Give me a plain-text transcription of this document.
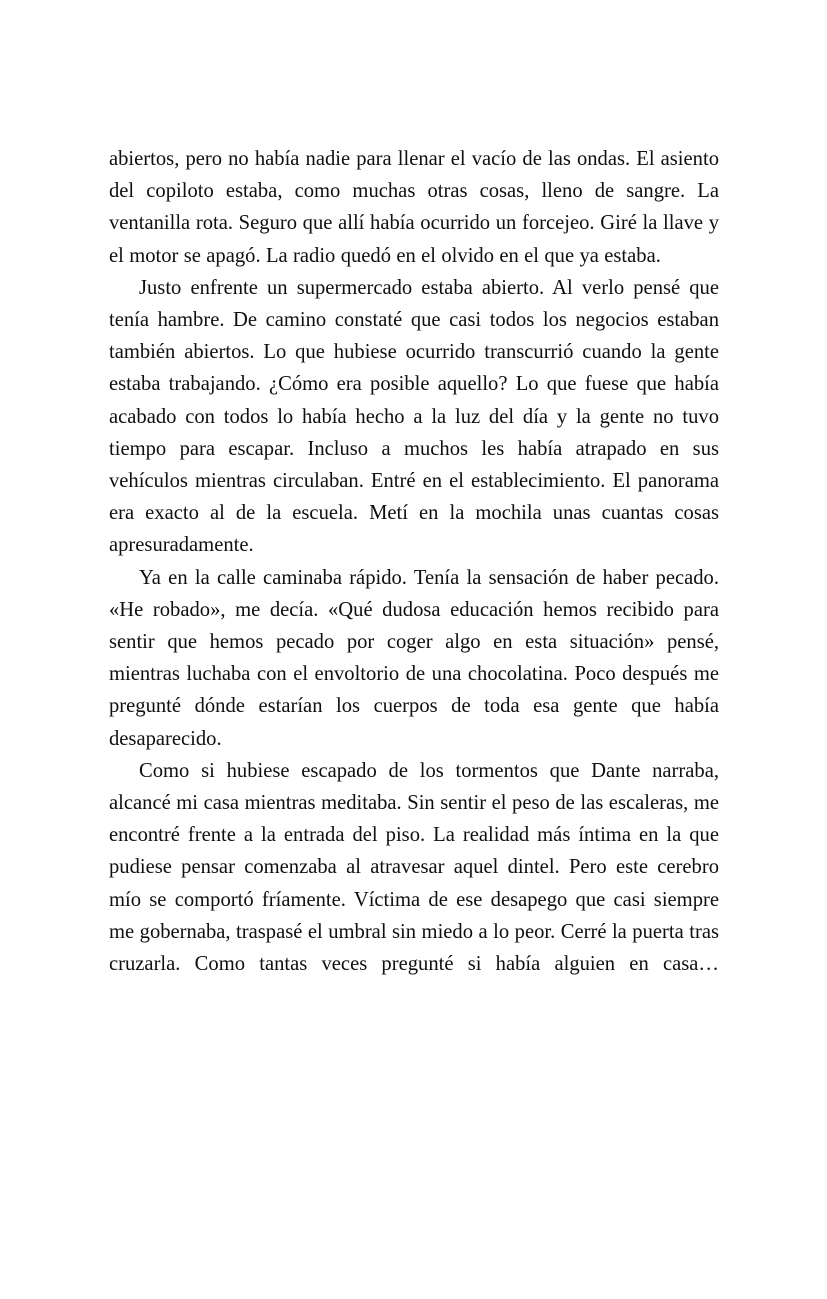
abiertos, pero no había nadie para llenar el vacío de las ondas. El asiento del copiloto estaba, como muchas otras cosas, lleno de sangre. La ventanilla rota. Seguro que allí había ocurrido un forcejeo. Giré la llave y el motor se apagó. La radio quedó en el olvido en el que ya estaba.

Justo enfrente un supermercado estaba abierto. Al verlo pensé que tenía hambre. De camino constaté que casi todos los negocios estaban también abiertos. Lo que hubiese ocurrido transcurrió cuando la gente estaba trabajando. ¿Cómo era posible aquello? Lo que fuese que había acabado con todos lo había hecho a la luz del día y la gente no tuvo tiempo para escapar. Incluso a muchos les había atrapado en sus vehículos mientras circulaban. Entré en el establecimiento. El panorama era exacto al de la escuela. Metí en la mochila unas cuantas cosas apresuradamente.

Ya en la calle caminaba rápido. Tenía la sensación de haber pecado. «He robado», me decía. «Qué dudosa educación hemos recibido para sentir que hemos pecado por coger algo en esta situación» pensé, mientras luchaba con el envoltorio de una chocolatina. Poco después me pregunté dónde estarían los cuerpos de toda esa gente que había desaparecido.

Como si hubiese escapado de los tormentos que Dante narraba, alcancé mi casa mientras meditaba. Sin sentir el peso de las escaleras, me encontré frente a la entrada del piso. La realidad más íntima en la que pudiese pensar comenzaba al atravesar aquel dintel. Pero este cerebro mío se comportó fríamente. Víctima de ese desapego que casi siempre me gobernaba, traspasé el umbral sin miedo a lo peor. Cerré la puerta tras cruzarla. Como tantas veces pregunté si había alguien en casa…
